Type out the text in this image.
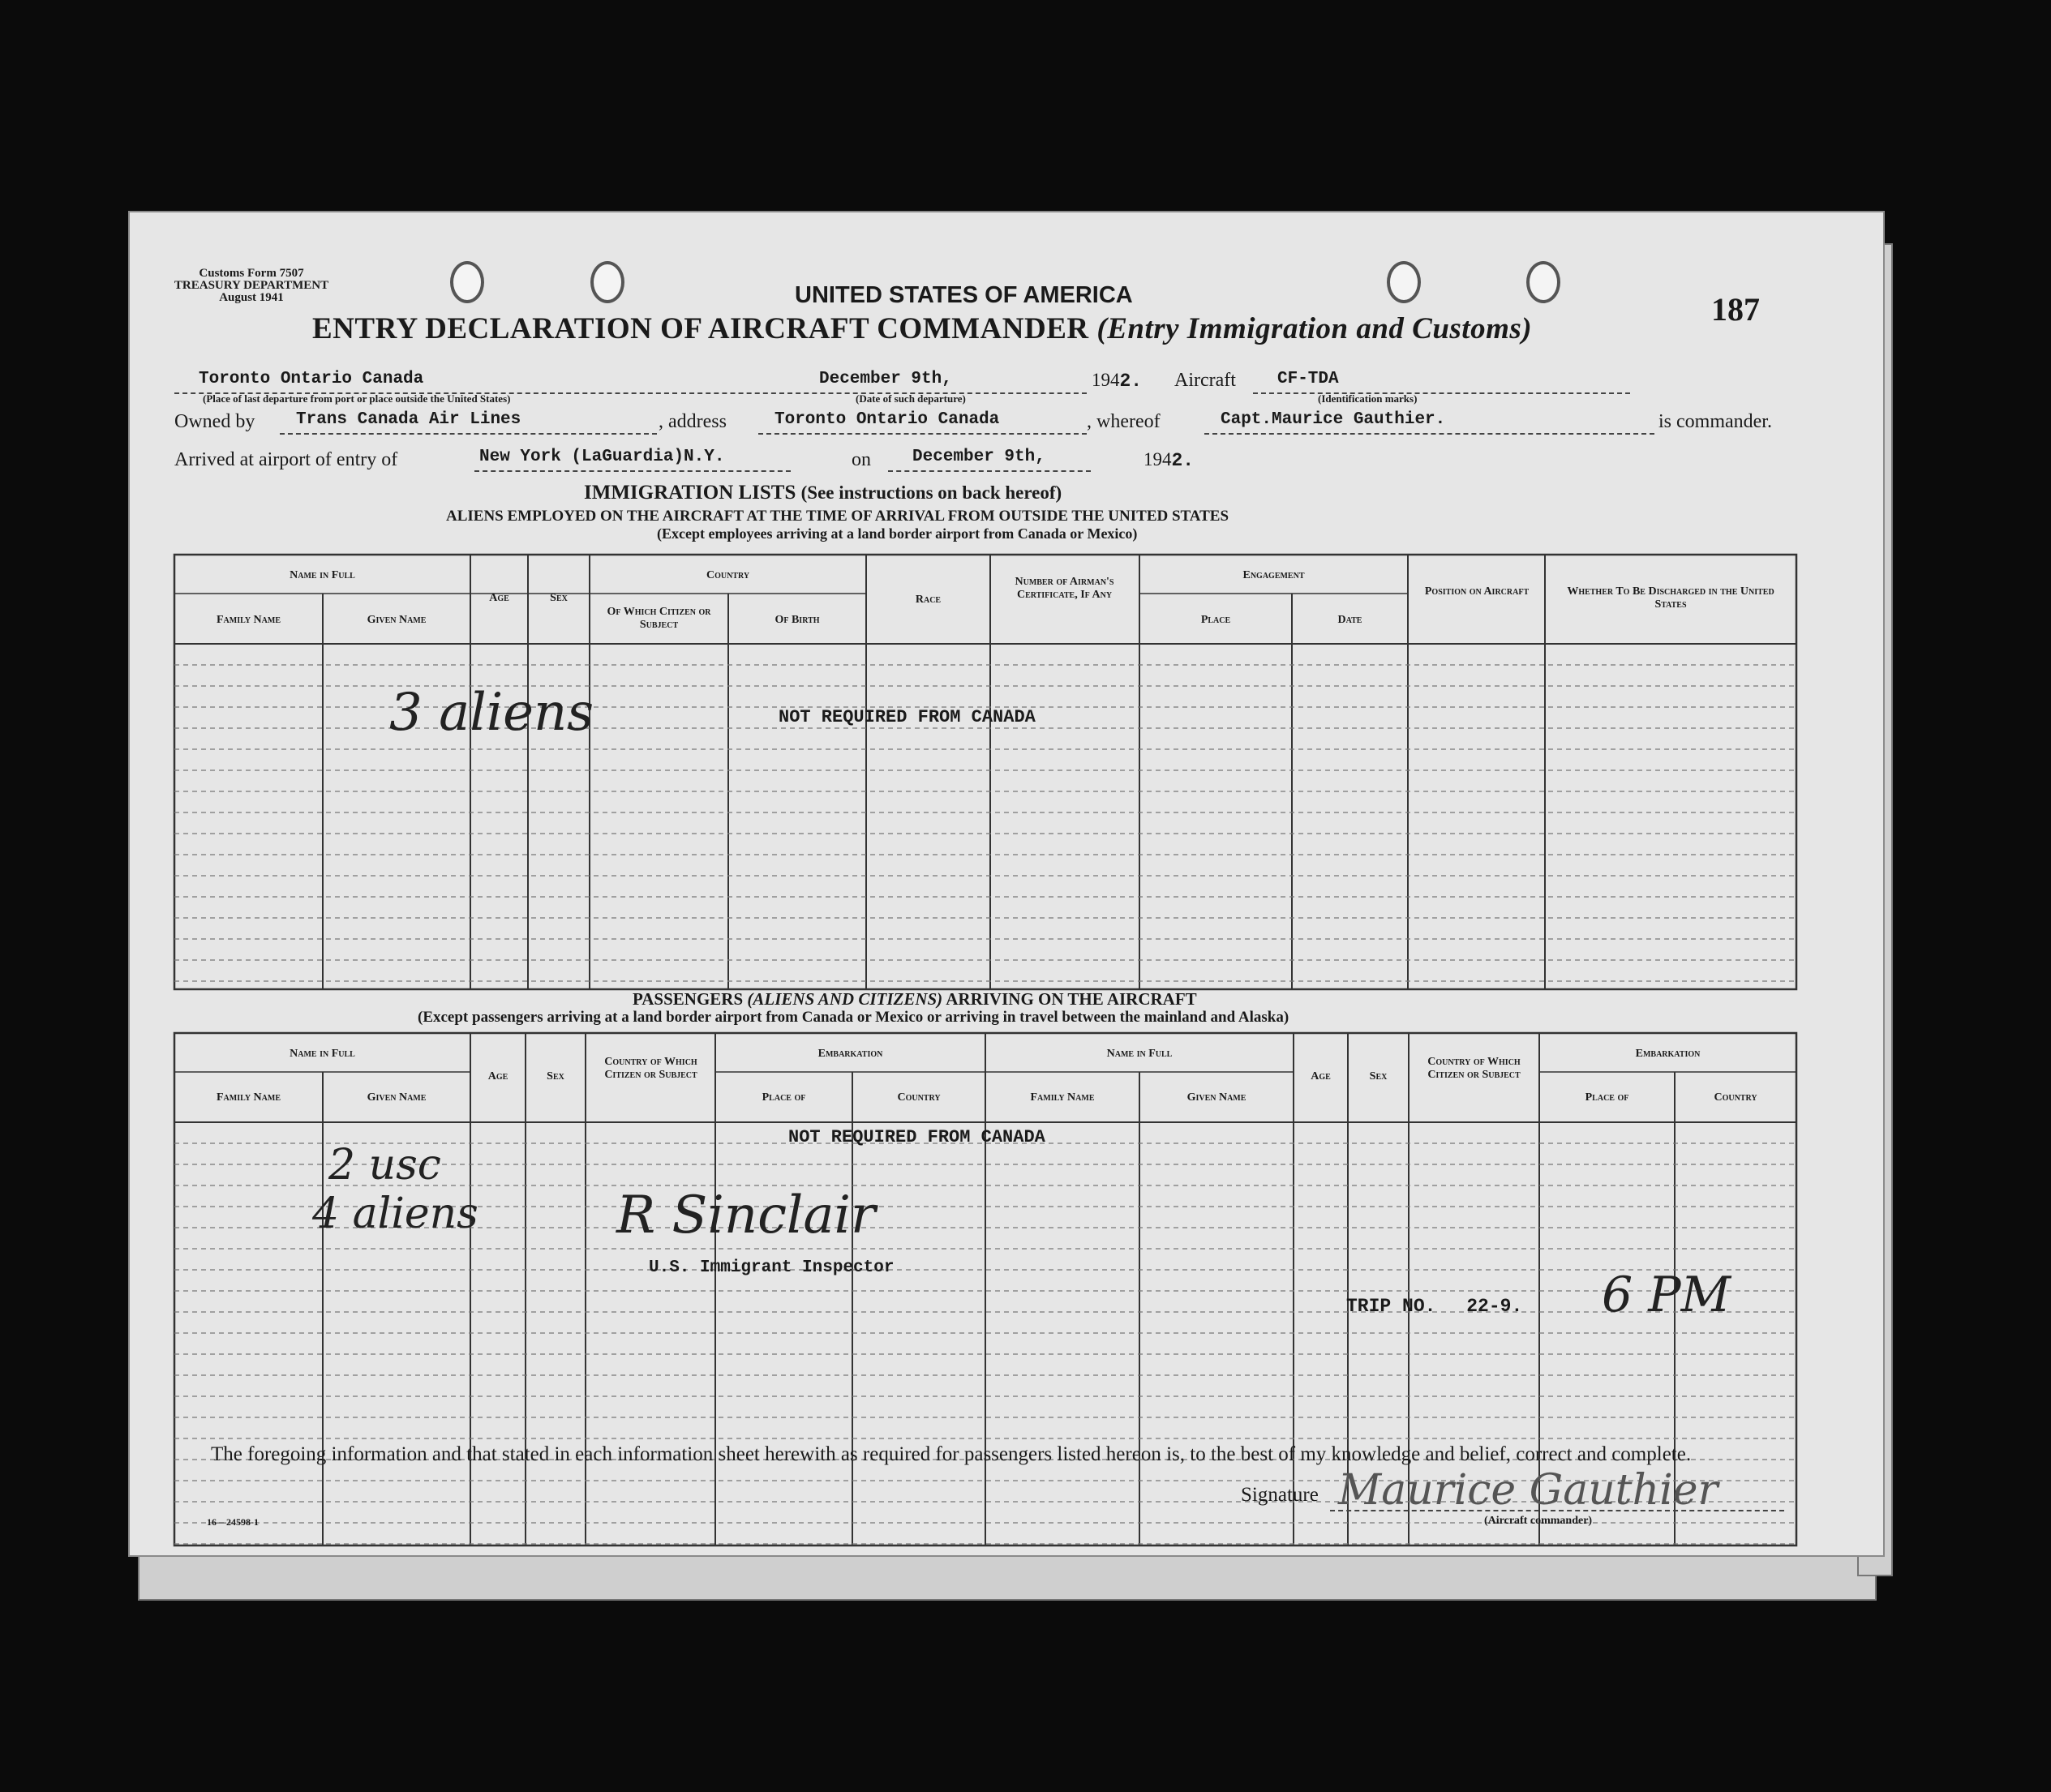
Customs Form 7507
TREASURY DEPARTMENT
August 1941	UNITED STATES OF AMERICA	187
ENTRY DECLARATION OF AIRCRAFT COMMANDER (Entry Immigration and Customs)
Toronto Ontario Canada
(Place of last departure from port or place outside the United States)
December 9th,
(Date of such departure)
1942. Aircraft CF-TDA
(Identification marks)
Owned by Trans Canada Air Lines	, address	Toronto Ontario Canada	, whereof	Capt.Maurice Gauthier.	is commander.
Arrived at airport of entry of	New York (LaGuardia)N.Y.	on December 9th,	1942.
IMMIGRATION LISTS (See instructions on back hereof)
ALIENS EMPLOYED ON THE AIRCRAFT AT THE TIME OF ARRIVAL FROM OUTSIDE THE UNITED STATES
(Except employees arriving at a land border airport from Canada or Mexico)
Name in Full
Family Name	Given Name
Age	Sex
Country
Of Which Citizen or Subject	Of Birth
Race
Number of Airman's Certificate, If Any
Engagement
Place	Date
Position on Aircraft	Whether To Be Discharged in the United States
NOT REQUIRED FROM CANADA
3 aliens
PASSENGERS (ALIENS AND CITIZENS) ARRIVING ON THE AIRCRAFT
(Except passengers arriving at a land border airport from Canada or Mexico or arriving in travel between the mainland and Alaska)
Name in Full
Family Name	Given Name
Age	Sex
Country of Which Citizen or Subject
Embarkation
Place of	Country
Name in Full
Family Name	Given Name
Age	Sex
Country of Which Citizen or Subject
Embarkation
Place of	Country
NOT REQUIRED FROM CANADA
2 usc
4 aliens	R Sinclair
U.S. Immigrant Inspector
TRIP NO. 22-9. 6 PM
The foregoing information and that stated in each information sheet herewith as required for passengers listed hereon is, to the best of my knowledge and belief, correct and complete.
Signature Maurice Gauthier
(Aircraft commander)
16—24598-1
